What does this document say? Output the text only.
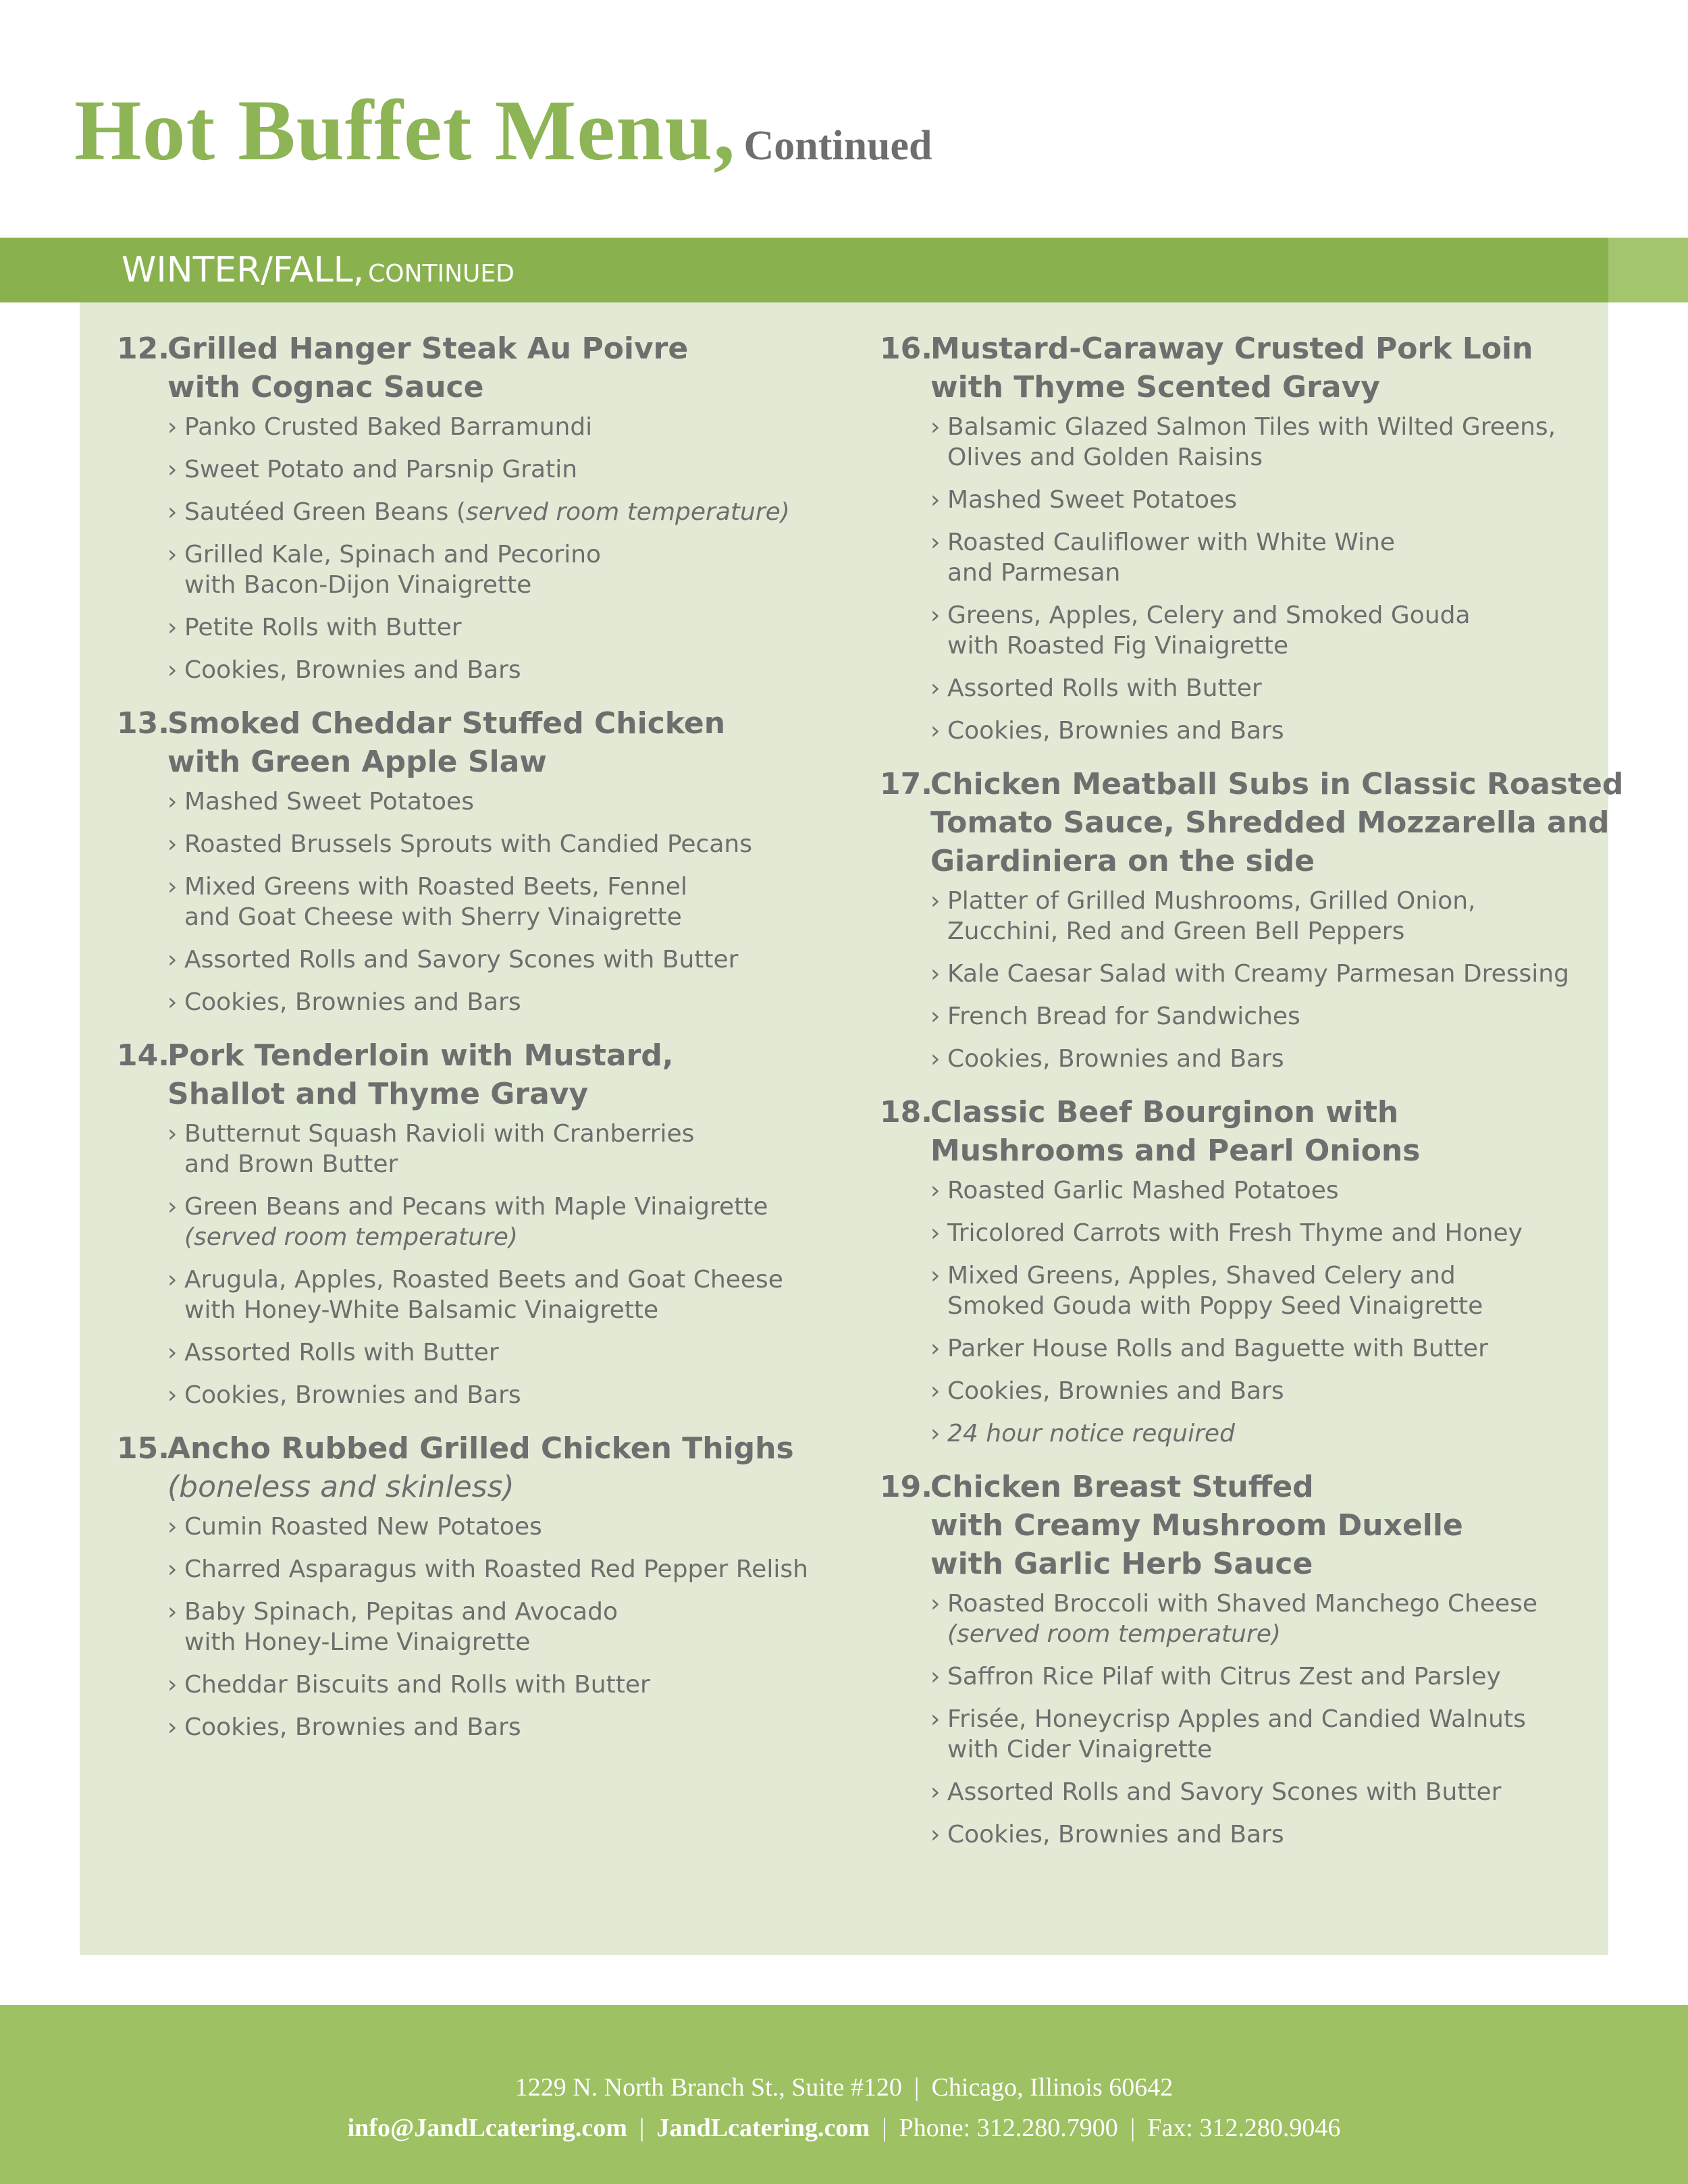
Hot Buffet Menu, Continued
WINTER/FALL, CONTINUED
12.
Grilled Hanger Steak Au Poivre
with Cognac Sauce
› Panko Crusted Baked Barramundi
› Sweet Potato and Parsnip Gratin
› Sautéed Green Beans (served room temperature)
› Grilled Kale, Spinach and Pecorino
with Bacon-Dijon Vinaigrette
› Petite Rolls with Butter
› Cookies, Brownies and Bars
13.
Smoked Cheddar Stuffed Chicken
with Green Apple Slaw
› Mashed Sweet Potatoes
› Roasted Brussels Sprouts with Candied Pecans
› Mixed Greens with Roasted Beets, Fennel
and Goat Cheese with Sherry Vinaigrette
› Assorted Rolls and Savory Scones with Butter
› Cookies, Brownies and Bars
14.
Pork Tenderloin with Mustard,
Shallot and Thyme Gravy
› Butternut Squash Ravioli with Cranberries
and Brown Butter
› Green Beans and Pecans with Maple Vinaigrette
(served room temperature)
› Arugula, Apples, Roasted Beets and Goat Cheese
with Honey-White Balsamic Vinaigrette
› Assorted Rolls with Butter
› Cookies, Brownies and Bars
15.
Ancho Rubbed Grilled Chicken Thighs
(boneless and skinless)
› Cumin Roasted New Potatoes
› Charred Asparagus with Roasted Red Pepper Relish
› Baby Spinach, Pepitas and Avocado
with Honey-Lime Vinaigrette
› Cheddar Biscuits and Rolls with Butter
› Cookies, Brownies and Bars
16.
Mustard-Caraway Crusted Pork Loin
with Thyme Scented Gravy
› Balsamic Glazed Salmon Tiles with Wilted Greens,
Olives and Golden Raisins
› Mashed Sweet Potatoes
› Roasted Cauliflower with White Wine
and Parmesan
› Greens, Apples, Celery and Smoked Gouda
with Roasted Fig Vinaigrette
› Assorted Rolls with Butter
› Cookies, Brownies and Bars
17.
Chicken Meatball Subs in Classic Roasted
Tomato Sauce, Shredded Mozzarella and
Giardiniera on the side
› Platter of Grilled Mushrooms, Grilled Onion,
Zucchini, Red and Green Bell Peppers
› Kale Caesar Salad with Creamy Parmesan Dressing
› French Bread for Sandwiches
› Cookies, Brownies and Bars
18.
Classic Beef Bourginon with
Mushrooms and Pearl Onions
› Roasted Garlic Mashed Potatoes
› Tricolored Carrots with Fresh Thyme and Honey
› Mixed Greens, Apples, Shaved Celery and
Smoked Gouda with Poppy Seed Vinaigrette
› Parker House Rolls and Baguette with Butter
› Cookies, Brownies and Bars
› 24 hour notice required
19.
Chicken Breast Stuffed
with Creamy Mushroom Duxelle
with Garlic Herb Sauce
› Roasted Broccoli with Shaved Manchego Cheese
(served room temperature)
› Saffron Rice Pilaf with Citrus Zest and Parsley
› Frisée, Honeycrisp Apples and Candied Walnuts
with Cider Vinaigrette
› Assorted Rolls and Savory Scones with Butter
› Cookies, Brownies and Bars
1229 N. North Branch St., Suite #120 | Chicago, Illinois 60642
info@JandLcatering.com | JandLcatering.com | Phone: 312.280.7900 | Fax: 312.280.9046
